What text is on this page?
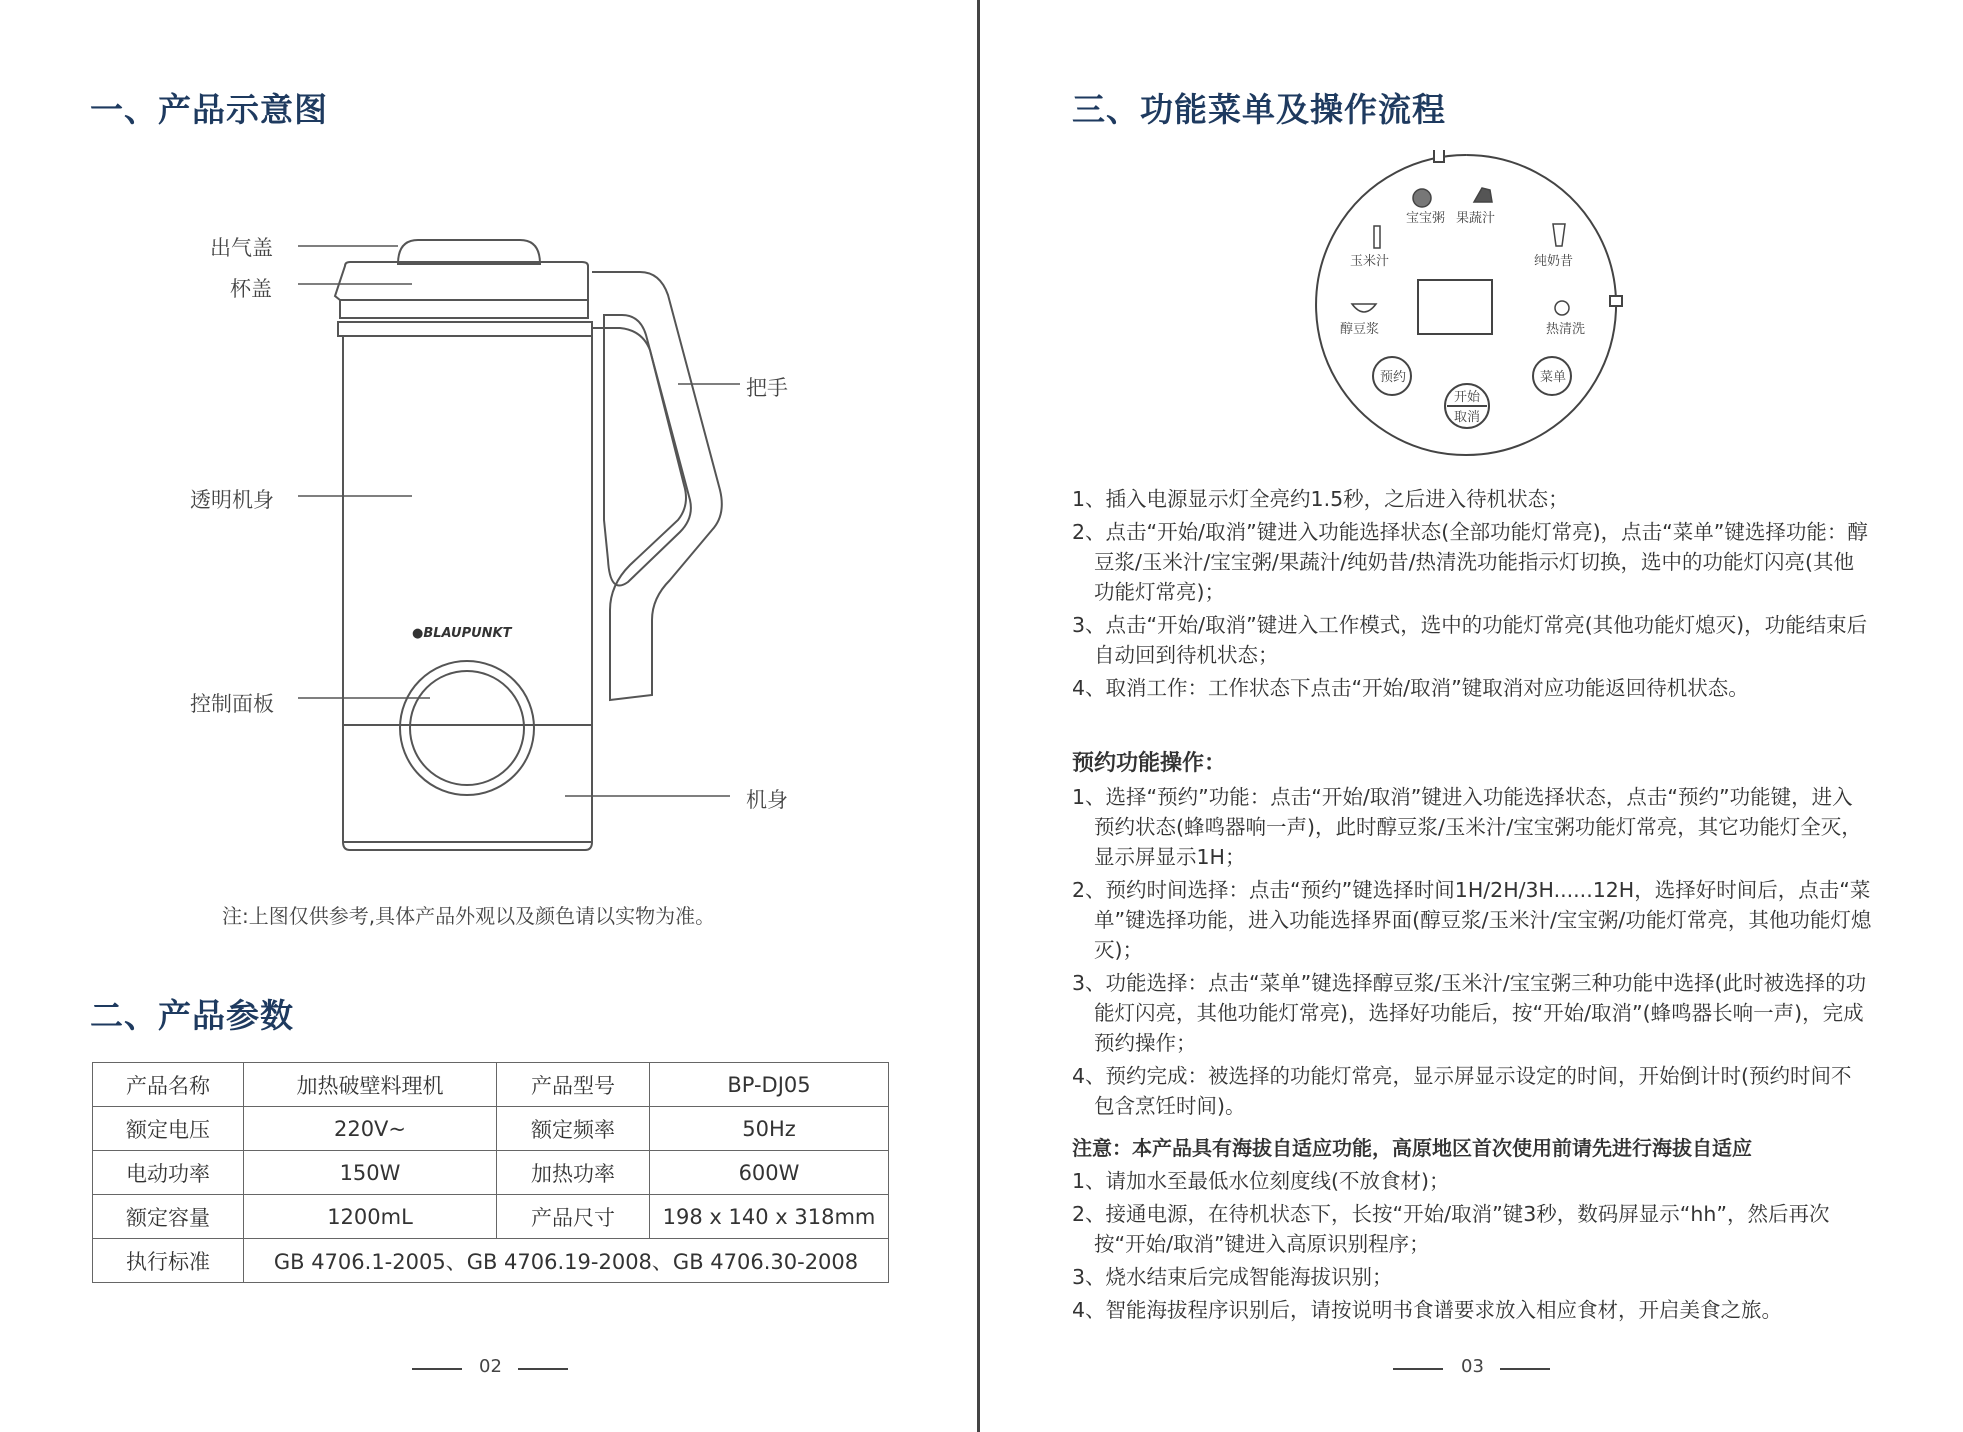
一、产品示意图
●BLAUPUNKT
出气盖
杯盖
把手
透明机身
控制面板
机身
注:上图仅供参考,具体产品外观以及颜色请以实物为准。
二、产品参数
产品名称	加热破壁料理机	产品型号	BP-DJ05
额定电压	220V~	额定频率	50Hz
电动功率	150W	加热功率	600W
额定容量	1200mL	产品尺寸	198 x 140 x 318mm
执行标准	GB 4706.1-2005、GB 4706.19-2008、GB 4706.30-2008		
02
三、功能菜单及操作流程
宝宝粥 果蔬汁
玉米汁	纯奶昔
醇豆浆	热清洗
预约	菜单
开始
取消

1、插入电源显示灯全亮约1.5秒，之后进入待机状态；

2、点击“开始/取消”键进入功能选择状态(全部功能灯常亮)，点击“菜单”键选择功能：醇豆浆/玉米汁/宝宝粥/果蔬汁/纯奶昔/热清洗功能指示灯切换，选中的功能灯闪亮(其他功能灯常亮)；

3、点击“开始/取消”键进入工作模式，选中的功能灯常亮(其他功能灯熄灭)，功能结束后自动回到待机状态；

4、取消工作：工作状态下点击“开始/取消”键取消对应功能返回待机状态。

预约功能操作：

1、选择“预约”功能：点击“开始/取消”键进入功能选择状态，点击“预约”功能键，进入预约状态(蜂鸣器响一声)，此时醇豆浆/玉米汁/宝宝粥功能灯常亮，其它功能灯全灭，显示屏显示1H；

2、预约时间选择：点击“预约”键选择时间1H/2H/3H......12H，选择好时间后，点击“菜单”键选择功能，进入功能选择界面(醇豆浆/玉米汁/宝宝粥/功能灯常亮，其他功能灯熄灭)；

3、功能选择：点击“菜单”键选择醇豆浆/玉米汁/宝宝粥三种功能中选择(此时被选择的功能灯闪亮，其他功能灯常亮)，选择好功能后，按“开始/取消”(蜂鸣器长响一声)，完成预约操作；

4、预约完成：被选择的功能灯常亮，显示屏显示设定的时间，开始倒计时(预约时间不包含烹饪时间)。

注意：本产品具有海拔自适应功能，高原地区首次使用前请先进行海拔自适应

1、请加水至最低水位刻度线(不放食材)；

2、接通电源，在待机状态下，长按“开始/取消”键3秒，数码屏显示“hh”，然后再次按“开始/取消”键进入高原识别程序；

3、烧水结束后完成智能海拔识别；

4、智能海拔程序识别后，请按说明书食谱要求放入相应食材，开启美食之旅。

03
